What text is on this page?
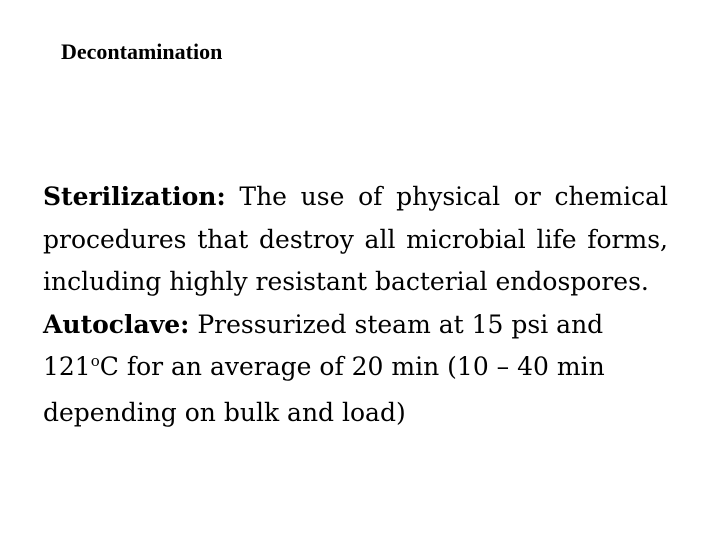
Decontamination

Sterilization: The use of physical or chemical procedures that destroy all microbial life forms, including highly resistant bacterial endospores.

Autoclave: Pressurized steam at 15 psi and 121$^o$C for an average of 20 min (10 – 40 min depending on bulk and load)
